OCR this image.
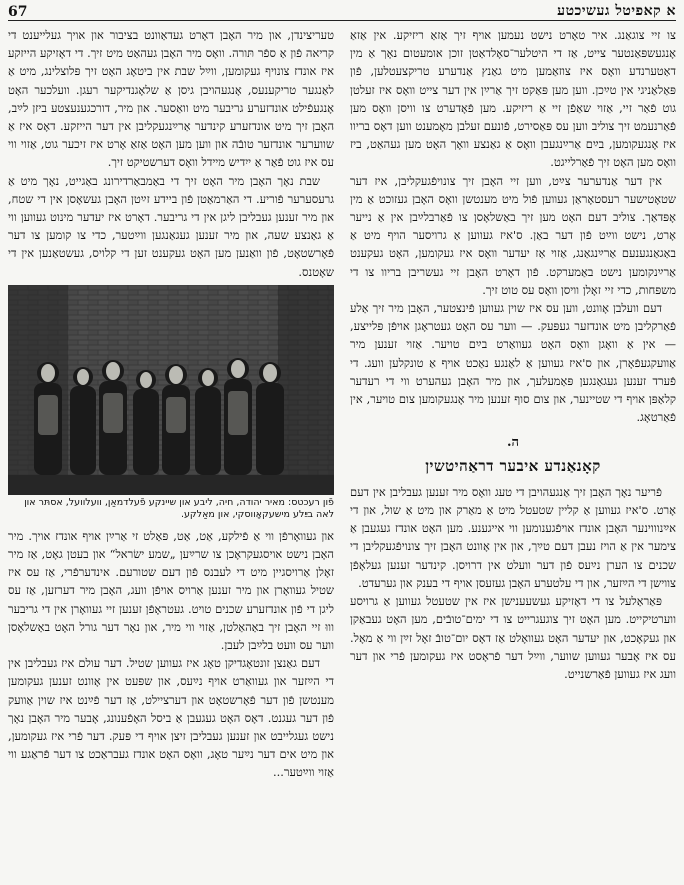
א קאפיטל געשיכטע
67

צו זיי צוגאַנג. איר טאָרט נישט נעמען אויף זיך אַזאַ ריזיקע. אין אַזאַ אָנגעשפּאַנטער צייט, אַז די היטלער־סאָלדאַטן זוכן אומעטום נאָך אַ מין דאַטערנדע וואָס איז צוזאַמען מיט גאַנץ אַנדערע טריקצעטלען, פֿון פּאַלאַניגי אין טײַכן. ווען מען פּאַקט זיך אַרײַן אין דער צייט וואָס איז זעלטן גוט פֿאַר זיי, אַזוי שאַפֿן זיי אַ ריזיקע. מען פֿאָדערט צו וויסן וואָס מען פֿאַרנעמט זיך צוליב ווען עס פּאַסירט, פֿונעם זעלבן מאָמענט ווען דאָס בריוו איז אָנגעקומען, בײַם אַרײַנגעבן וואָס אַ גאַנצע וואָך האָט מען געהאַט, ביז וואָס מען האָט זיך פֿאַרלייגט.

אין דער אַנדערער צײַט, ווען זיי האָבן זיך צונויפֿגעקליבן, איז דער שטאָטישער רעסטאָראַן געווען פֿול מיט מענטשן וואָס האָבן געזוכט אַ מין אָפּדאַך. צוליב דעם האָט מען זיך באַשלאָסן צו פֿאַרבלײַבן אין אַ נייער אָרט, נישט ווײַט פֿון דער באַן. ס'איז געווען אַ גרויסער הויף מיט אַ באַגאַנגענעם אַרײַנגאַנג, אַזוי אַז יעדער וואָס איז געקומען, האָט געקענט אַרײַנקומען נישט באַמערקט. פֿון דאָרט האָבן זיי געשריבן בריוו צו די משפּחות, כדי זיי זאָלן וויסן וואָס עס טוט זיך.

דעם וועלבן אָוונט, ווען עס איז שוין געווען פֿינצטער, האָבן מיר זיך אַלע פֿאַרקליבן מיט אונדזער געפּעק. — ווער עס האָט געטראָגן אויפֿן פּלייצע, — אין אַ וואָגן וואָס האָט געוואַרט בײַם טויער. אַזוי זענען מיר אַוועקגעפֿאָרן, און ס'איז געווען אַ לאַנגע נאַכט אויף אַ טונקלען וועג. די פֿערד זענען געגאַנגען פּאַמעלעך, און מיר האָבן געהערט ווי די רעדער קלאַפּן אויף די שטיינער, און צום סוף זענען מיר אָנגעקומען צום טויער, אין פֿאַרטאָג.

ה.
קאָנאַנדע איבער דראַהיטשין

פֿריער נאָך האָבן זיך אַנגעהויבן די טעג וואָס מיר זענען געבליבן אין דעם אָרט. ס'איז געווען אַ קליין שטעטל מיט אַ מאַרק און מיט אַ שול, און די אײַנוווינער האָבן אונדז אויפֿגענומען ווי אייגענע. מען האָט אונדז געגעבן אַ צימער אין אַ הויז נעבן דעם טײַך, און אין אָוונט האָבן זיך צונויפֿגעקליבן די שכנים צו הערן נײַעס פֿון דער וועלט אין דרויסן. קינדער זענען געלאָפֿן צווישן די הײַזער, און די עלטערע האָבן געזעסן אויף די בענק און גערעדט.

פּאַראַלעל צו די דאָזיקע געשעענישן איז אין שטעטל געווען אַ גרויסע ווערטיקייט. מען האָט זיך צוגעגרייט צו די ימים־טובֿים, מען האָט געבאַקן און געקאָכט, און יעדער האָט געוואָלט אַז דאָס יום־טובֿ זאָל זײַן ווי אַ מאָל. עס איז אָבער געווען שווער, ווײַל דער פֿראָסט איז געקומען פֿרי און דער וועג איז געווען פֿאַרשנייט.

טעריצינדן, און מיר האָבן דאָרט געדאַוונט בציבור און אויך געלייענט די קריאה פֿון אַ ספֿר תּורה. וואָס מיר האָבן געהאַט מיט זיך. די דאָזיקע הייזקע איז אונדז צונויף געקומען, ווײַל שבת אין ביטאָג האָט זיך פּלוצלינג, מיט אַ לאַנגער טריקענעס, אָנגעהויבן גיסן אַ שלאָגנדיקער רעגן. וועלכער האָט אָנגעפֿילט אונדזערע גריבער מיט וואַסער. און מיר, דורכגענעצטע ביזן לײַב, האָבן זיך מיט אונדזערע קינדער אַרײַנגעקליבן אין דער הייזקע. דאָס איז אַ שווערער אונדזער טובֿה און ווען מען האָט אַזאַ אָרט איז זיכער גוט, אַזוי ווי עס איז גוט פֿאַר אַ ייִדיש מיידל וואָס דערשטיקט זיך.

שבת נאָך האָבן מיר האָט זיך די באַמבאַרדירונג באַגייט, נאָך מיט אַ גרעסערער פֿוריע. די האַרמאַטן פֿון ביידע זײַטן האָבן געשאָסן אין די שטח, און מיר זענען געבליבן ליגן אין די גריבער. דאָרט איז יעדער מינוט געווען ווי אַ גאַנצע שעה, און מיר זענען געגאַנגען ווײַטער, כדי צו קומען צו דער פֿאָרשטאָט, פֿון וואַנען מען האָט געקענט זען די קלויס, געשטאַנען אין די שאָטנס.

פֿון רעכטס: מאיר יהודה, חיה, ליבע און שיינקע פֿעלדמאַן, וועלוועל, אסתּר און לאה בײַלע מישעקאָווסקי, און מאַלקע.

און געוואָרפֿן ווי אַ פֿילקע, אַט, אַט, פּאַלט זי אַרײַן אויף אונדז אויך. מיר האָבן נישט אויסגעקראָכן צו שרײַען „שמע ישׂראל“ און בעטן גאָט, אַז מיר זאָלן אַרויסגיין מיט די לעבנס פֿון דעם שטורעם. אינדערפֿרי, אַז עס איז שטיל געוואָרן און מיר זענען אַרויס אויפֿן וועג, האָבן מיר דערזען, אַז עס ליגן די פֿון אונדזערע שכנים טויט. געטראָפֿן זענען זיי געוואָרן אין די גריבער וווּ זיי האָבן זיך באַהאַלטן, אַזוי ווי מיר, און נאָר דער גורל האָט באַשלאָסן ווער עס וועט בלײַבן לעבן.

דעם גאַנצן זונטאָגדיקן טאָג איז געווען שטיל. דער עולם איז געבליבן אין די הײַזער און געוואַרט אויף נײַעס, און שפּעט אין אָוונט זענען געקומען מענטשן פֿון דער פֿאָרשטאָט און דערציילט, אַז דער פֿײַנט איז שוין אַוועק פֿון דער געגנט. דאָס האָט געגעבן אַ ביסל האָפֿענונג, אָבער מיר האָבן נאָך נישט געגלייבט און זענען געבליבן זיצן אויף די פּעק. דער פֿרי איז געקומען, און מיט אים דער נײַער טאָג, וואָס האָט אונדז געבראַכט צו דער פֿראַגע ווי אַזוי ווײַטער...
